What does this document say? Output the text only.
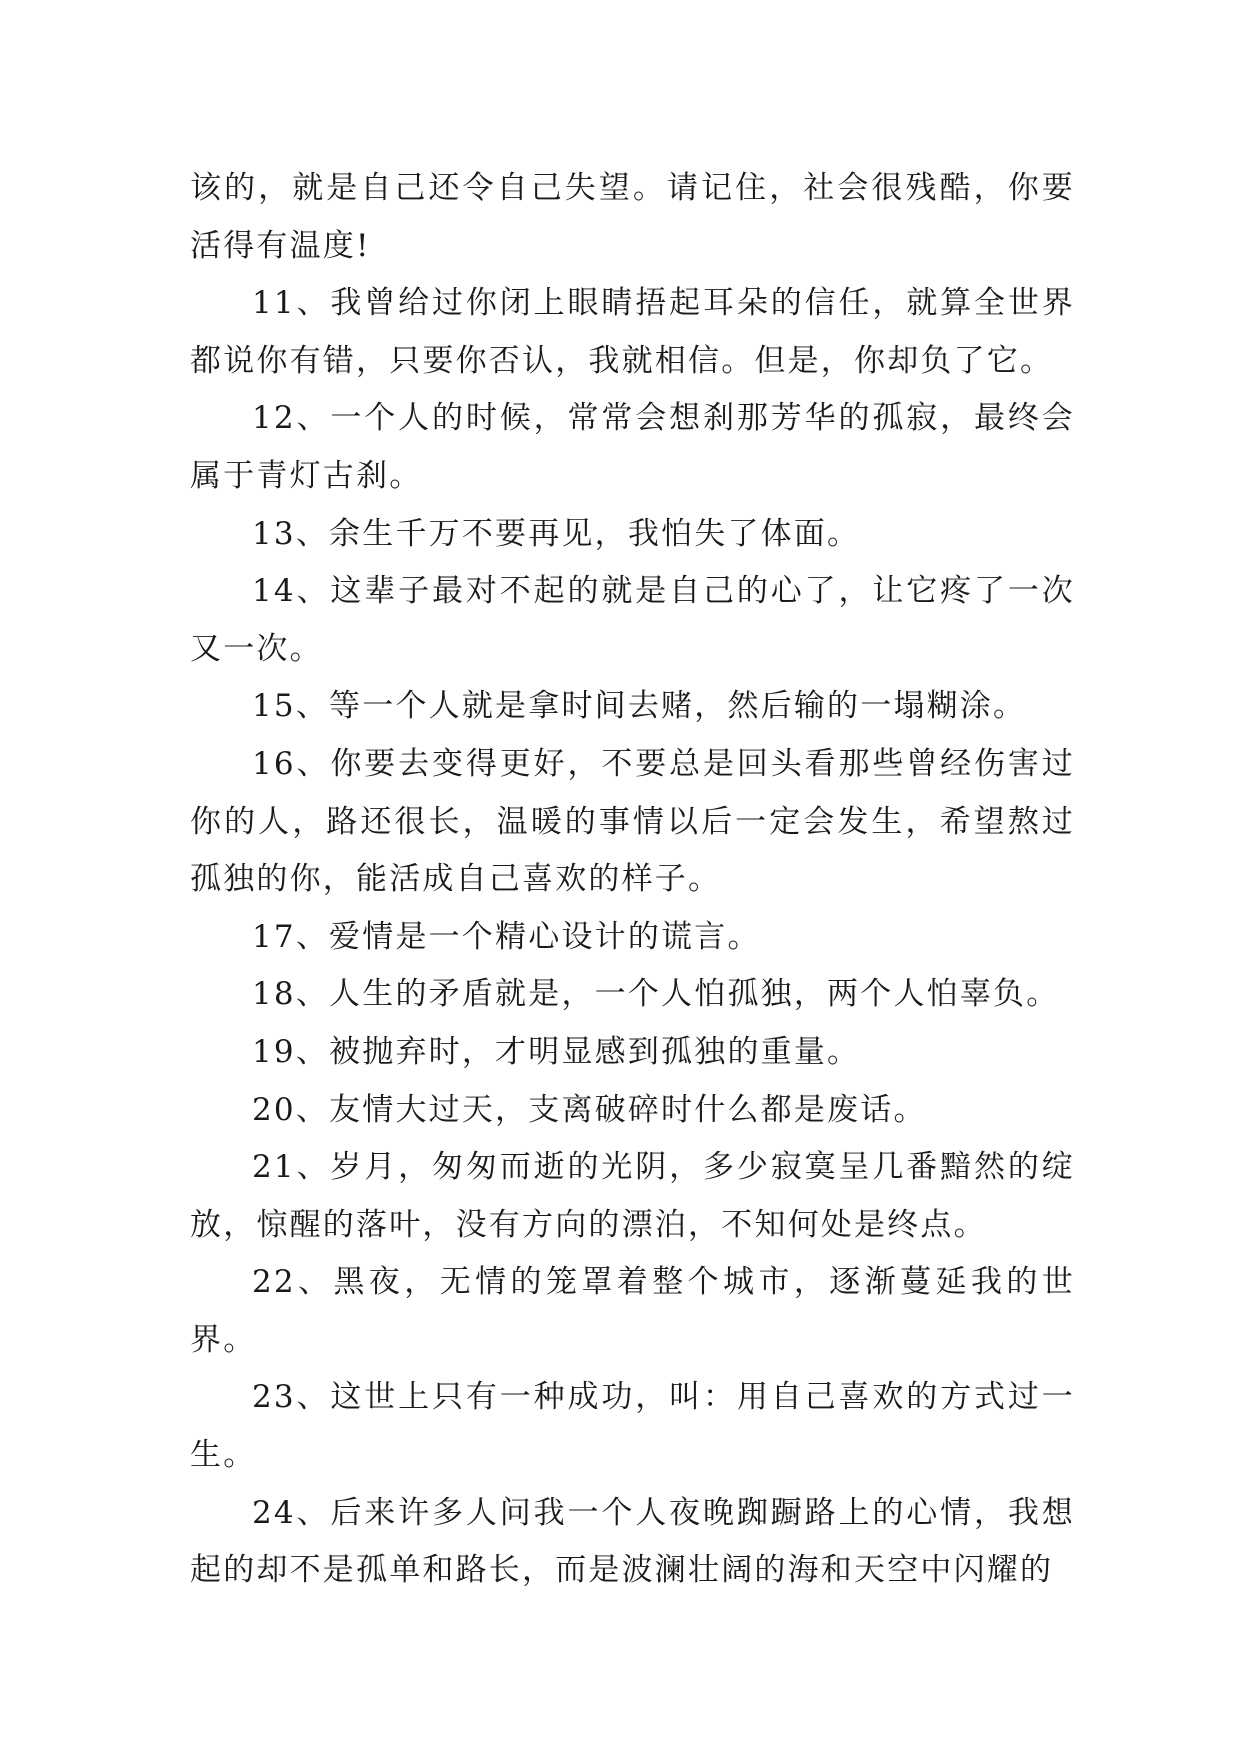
该的，就是自己还令自己失望。请记住，社会很残酷，你要活得有温度!

11、我曾给过你闭上眼睛捂起耳朵的信任，就算全世界都说你有错，只要你否认，我就相信。但是，你却负了它。

12、一个人的时候，常常会想刹那芳华的孤寂，最终会属于青灯古刹。

13、余生千万不要再见，我怕失了体面。

14、这辈子最对不起的就是自己的心了，让它疼了一次又一次。

15、等一个人就是拿时间去赌，然后输的一塌糊涂。

16、你要去变得更好，不要总是回头看那些曾经伤害过你的人，路还很长，温暖的事情以后一定会发生，希望熬过孤独的你，能活成自己喜欢的样子。

17、爱情是一个精心设计的谎言。

18、人生的矛盾就是，一个人怕孤独，两个人怕辜负。

19、被抛弃时，才明显感到孤独的重量。

20、友情大过天，支离破碎时什么都是废话。

21、岁月，匆匆而逝的光阴，多少寂寞呈几番黯然的绽放，惊醒的落叶，没有方向的漂泊，不知何处是终点。

22、黑夜，无情的笼罩着整个城市，逐渐蔓延我的世界。

23、这世上只有一种成功，叫：用自己喜欢的方式过一生。

24、后来许多人问我一个人夜晚踟蹰路上的心情，我想起的却不是孤单和路长，而是波澜壮阔的海和天空中闪耀的
